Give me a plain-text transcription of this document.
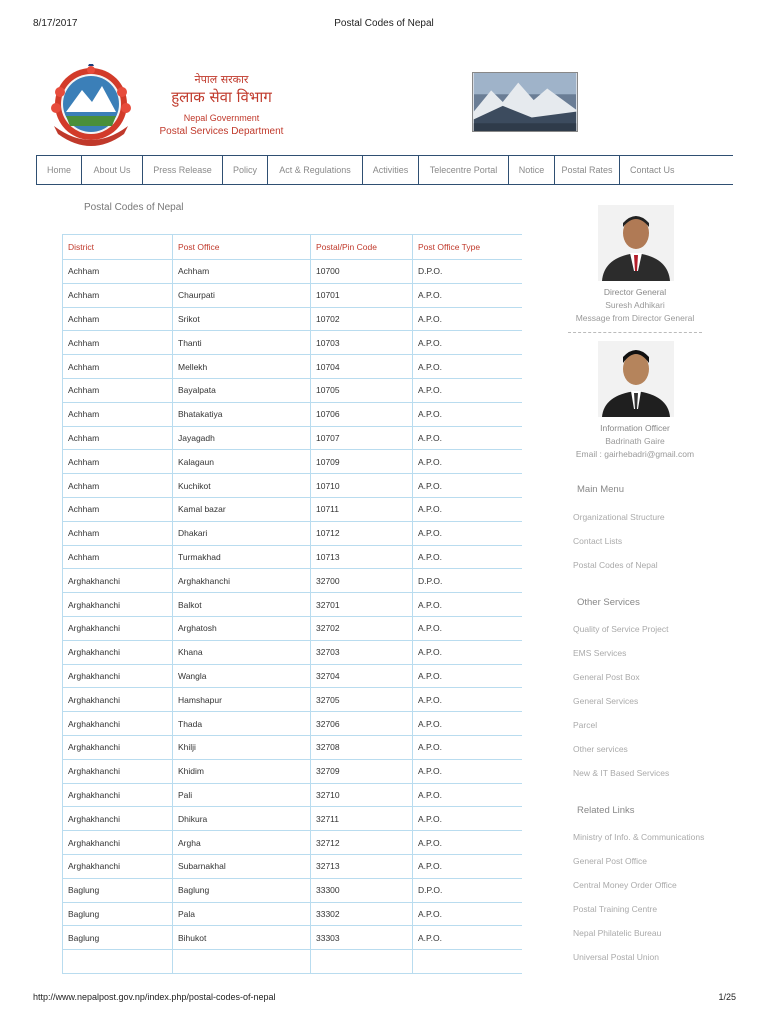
8/17/2017	Postal Codes of Nepal
नेपाल सरकार
हुलाक सेवा विभाग
Nepal Government
Postal Services Department
Home	About Us	Press Release	Policy	Act & Regulations	Activities	Telecentre Portal	Notice	Postal Rates	Contact Us
Postal Codes of Nepal
District	Post Office	Postal/Pin Code	Post Office Type
Achham	Achham	10700	D.P.O.
Achham	Chaurpati	10701	A.P.O.
Achham	Srikot	10702	A.P.O.
Achham	Thanti	10703	A.P.O.
Achham	Mellekh	10704	A.P.O.
Achham	Bayalpata	10705	A.P.O.
Achham	Bhatakatiya	10706	A.P.O.
Achham	Jayagadh	10707	A.P.O.
Achham	Kalagaun	10709	A.P.O.
Achham	Kuchikot	10710	A.P.O.
Achham	Kamal bazar	10711	A.P.O.
Achham	Dhakari	10712	A.P.O.
Achham	Turmakhad	10713	A.P.O.
Arghakhanchi	Arghakhanchi	32700	D.P.O.
Arghakhanchi	Balkot	32701	A.P.O.
Arghakhanchi	Arghatosh	32702	A.P.O.
Arghakhanchi	Khana	32703	A.P.O.
Arghakhanchi	Wangla	32704	A.P.O.
Arghakhanchi	Hamshapur	32705	A.P.O.
Arghakhanchi	Thada	32706	A.P.O.
Arghakhanchi	Khilji	32708	A.P.O.
Arghakhanchi	Khidim	32709	A.P.O.
Arghakhanchi	Pali	32710	A.P.O.
Arghakhanchi	Dhikura	32711	A.P.O.
Arghakhanchi	Argha	32712	A.P.O.
Arghakhanchi	Subarnakhal	32713	A.P.O.
Baglung	Baglung	33300	D.P.O.
Baglung	Pala	33302	A.P.O.
Baglung	Bihukot	33303	A.P.O.

Director General
Suresh Adhikari
Message from Director General
Information Officer
Badrinath Gaire
Email : gairhebadri@gmail.com
Main Menu
Organizational Structure
Contact Lists
Postal Codes of Nepal
Other Services
Quality of Service Project
EMS Services
General Post Box
General Services
Parcel
Other services
New & IT Based Services
Related Links
Ministry of Info. & Communications
General Post Office
Central Money Order Office
Postal Training Centre
Nepal Philatelic Bureau
Universal Postal Union
http://www.nepalpost.gov.np/index.php/postal-codes-of-nepal	1/25
